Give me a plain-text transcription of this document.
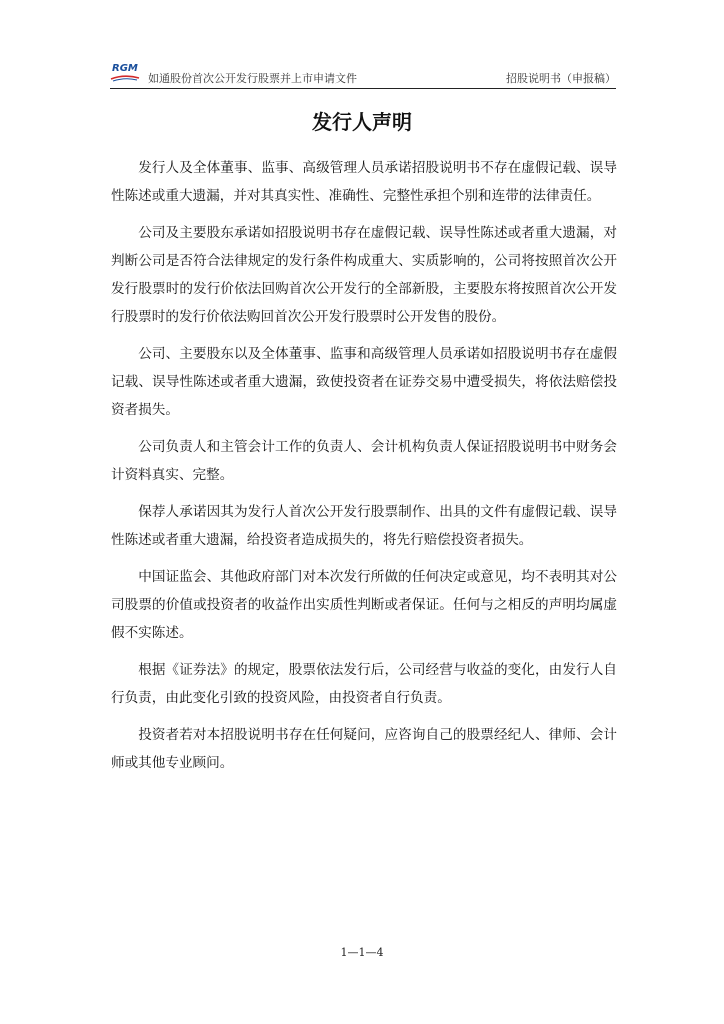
RGM
如通股份首次公开发行股票并上市申请文件	招股说明书（申报稿）
发行人声明

发行人及全体董事、监事、高级管理人员承诺招股说明书不存在虚假记载、误导性陈述或重大遗漏，并对其真实性、准确性、完整性承担个别和连带的法律责任。

公司及主要股东承诺如招股说明书存在虚假记载、误导性陈述或者重大遗漏，对判断公司是否符合法律规定的发行条件构成重大、实质影响的，公司将按照首次公开发行股票时的发行价依法回购首次公开发行的全部新股，主要股东将按照首次公开发行股票时的发行价依法购回首次公开发行股票时公开发售的股份。

公司、主要股东以及全体董事、监事和高级管理人员承诺如招股说明书存在虚假记载、误导性陈述或者重大遗漏，致使投资者在证券交易中遭受损失，将依法赔偿投资者损失。

公司负责人和主管会计工作的负责人、会计机构负责人保证招股说明书中财务会计资料真实、完整。

保荐人承诺因其为发行人首次公开发行股票制作、出具的文件有虚假记载、误导性陈述或者重大遗漏，给投资者造成损失的，将先行赔偿投资者损失。

中国证监会、其他政府部门对本次发行所做的任何决定或意见，均不表明其对公司股票的价值或投资者的收益作出实质性判断或者保证。任何与之相反的声明均属虚假不实陈述。

根据《证券法》的规定，股票依法发行后，公司经营与收益的变化，由发行人自行负责，由此变化引致的投资风险，由投资者自行负责。

投资者若对本招股说明书存在任何疑问，应咨询自己的股票经纪人、律师、会计师或其他专业顾问。

1—1—4
